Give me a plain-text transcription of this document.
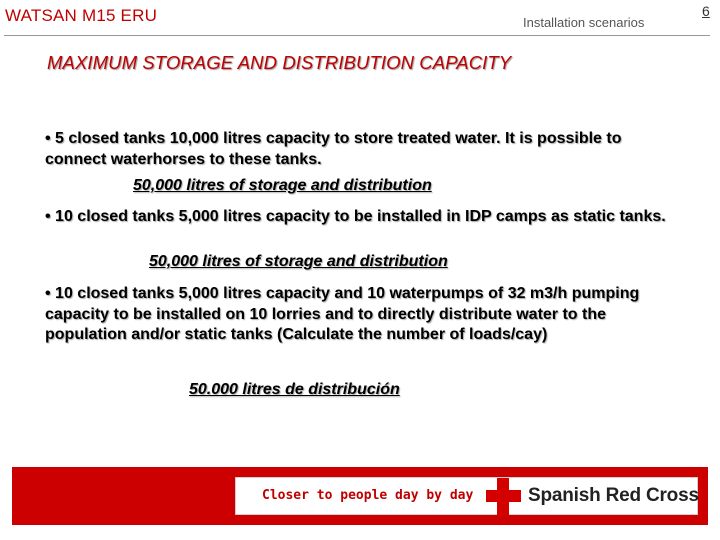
WATSAN M15 ERU	Installation scenarios
6
MAXIMUM STORAGE AND DISTRIBUTION CAPACITY
• 5 closed tanks 10,000 litres capacity to store treated water. It is possible to connect waterhorses to these tanks.
50,000 litres of storage and distribution
• 10 closed tanks 5,000 litres capacity to be installed in IDP camps as static tanks.
50,000 litres of storage and distribution
• 10 closed tanks 5,000 litres capacity and 10 waterpumps of 32 m3/h pumping capacity to be installed on 10 lorries and to directly distribute water to the population and/or static tanks (Calculate the number of loads/cay)
50.000 litres de distribución
Closer to people day by day	Spanish Red Cross
